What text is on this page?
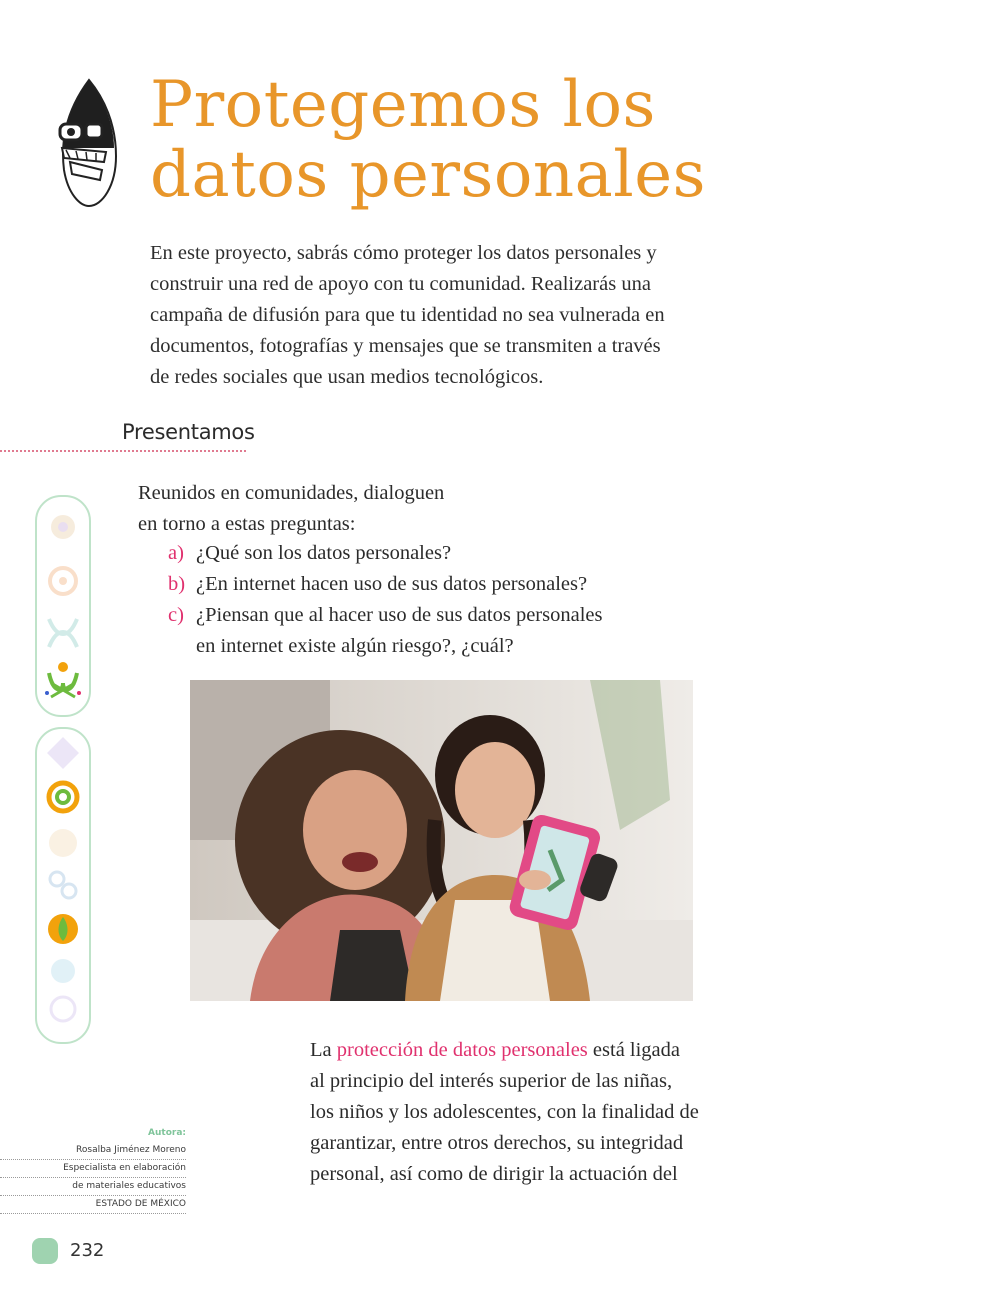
Protegemos los
datos personales
En este proyecto, sabrás cómo proteger los datos personales y
construir una red de apoyo con tu comunidad. Realizarás una
campaña de difusión para que tu identidad no sea vulnerada en
documentos, fotografías y mensajes que se transmiten a través
de redes sociales que usan medios tecnológicos.
Presentamos
Reunidos en comunidades, dialoguen
en torno a estas preguntas:
a) ¿Qué son los datos personales?
b) ¿En internet hacen uso de sus datos personales?
c) ¿Piensan que al hacer uso de sus datos personales
en internet existe algún riesgo?, ¿cuál?
La protección de datos personales está ligada
al principio del interés superior de las niñas,
los niños y los adolescentes, con la finalidad de
garantizar, entre otros derechos, su integridad
personal, así como de dirigir la actuación del
Autora:
Rosalba Jiménez Moreno
Especialista en elaboración
de materiales educativos
ESTADO DE MÉXICO
232
